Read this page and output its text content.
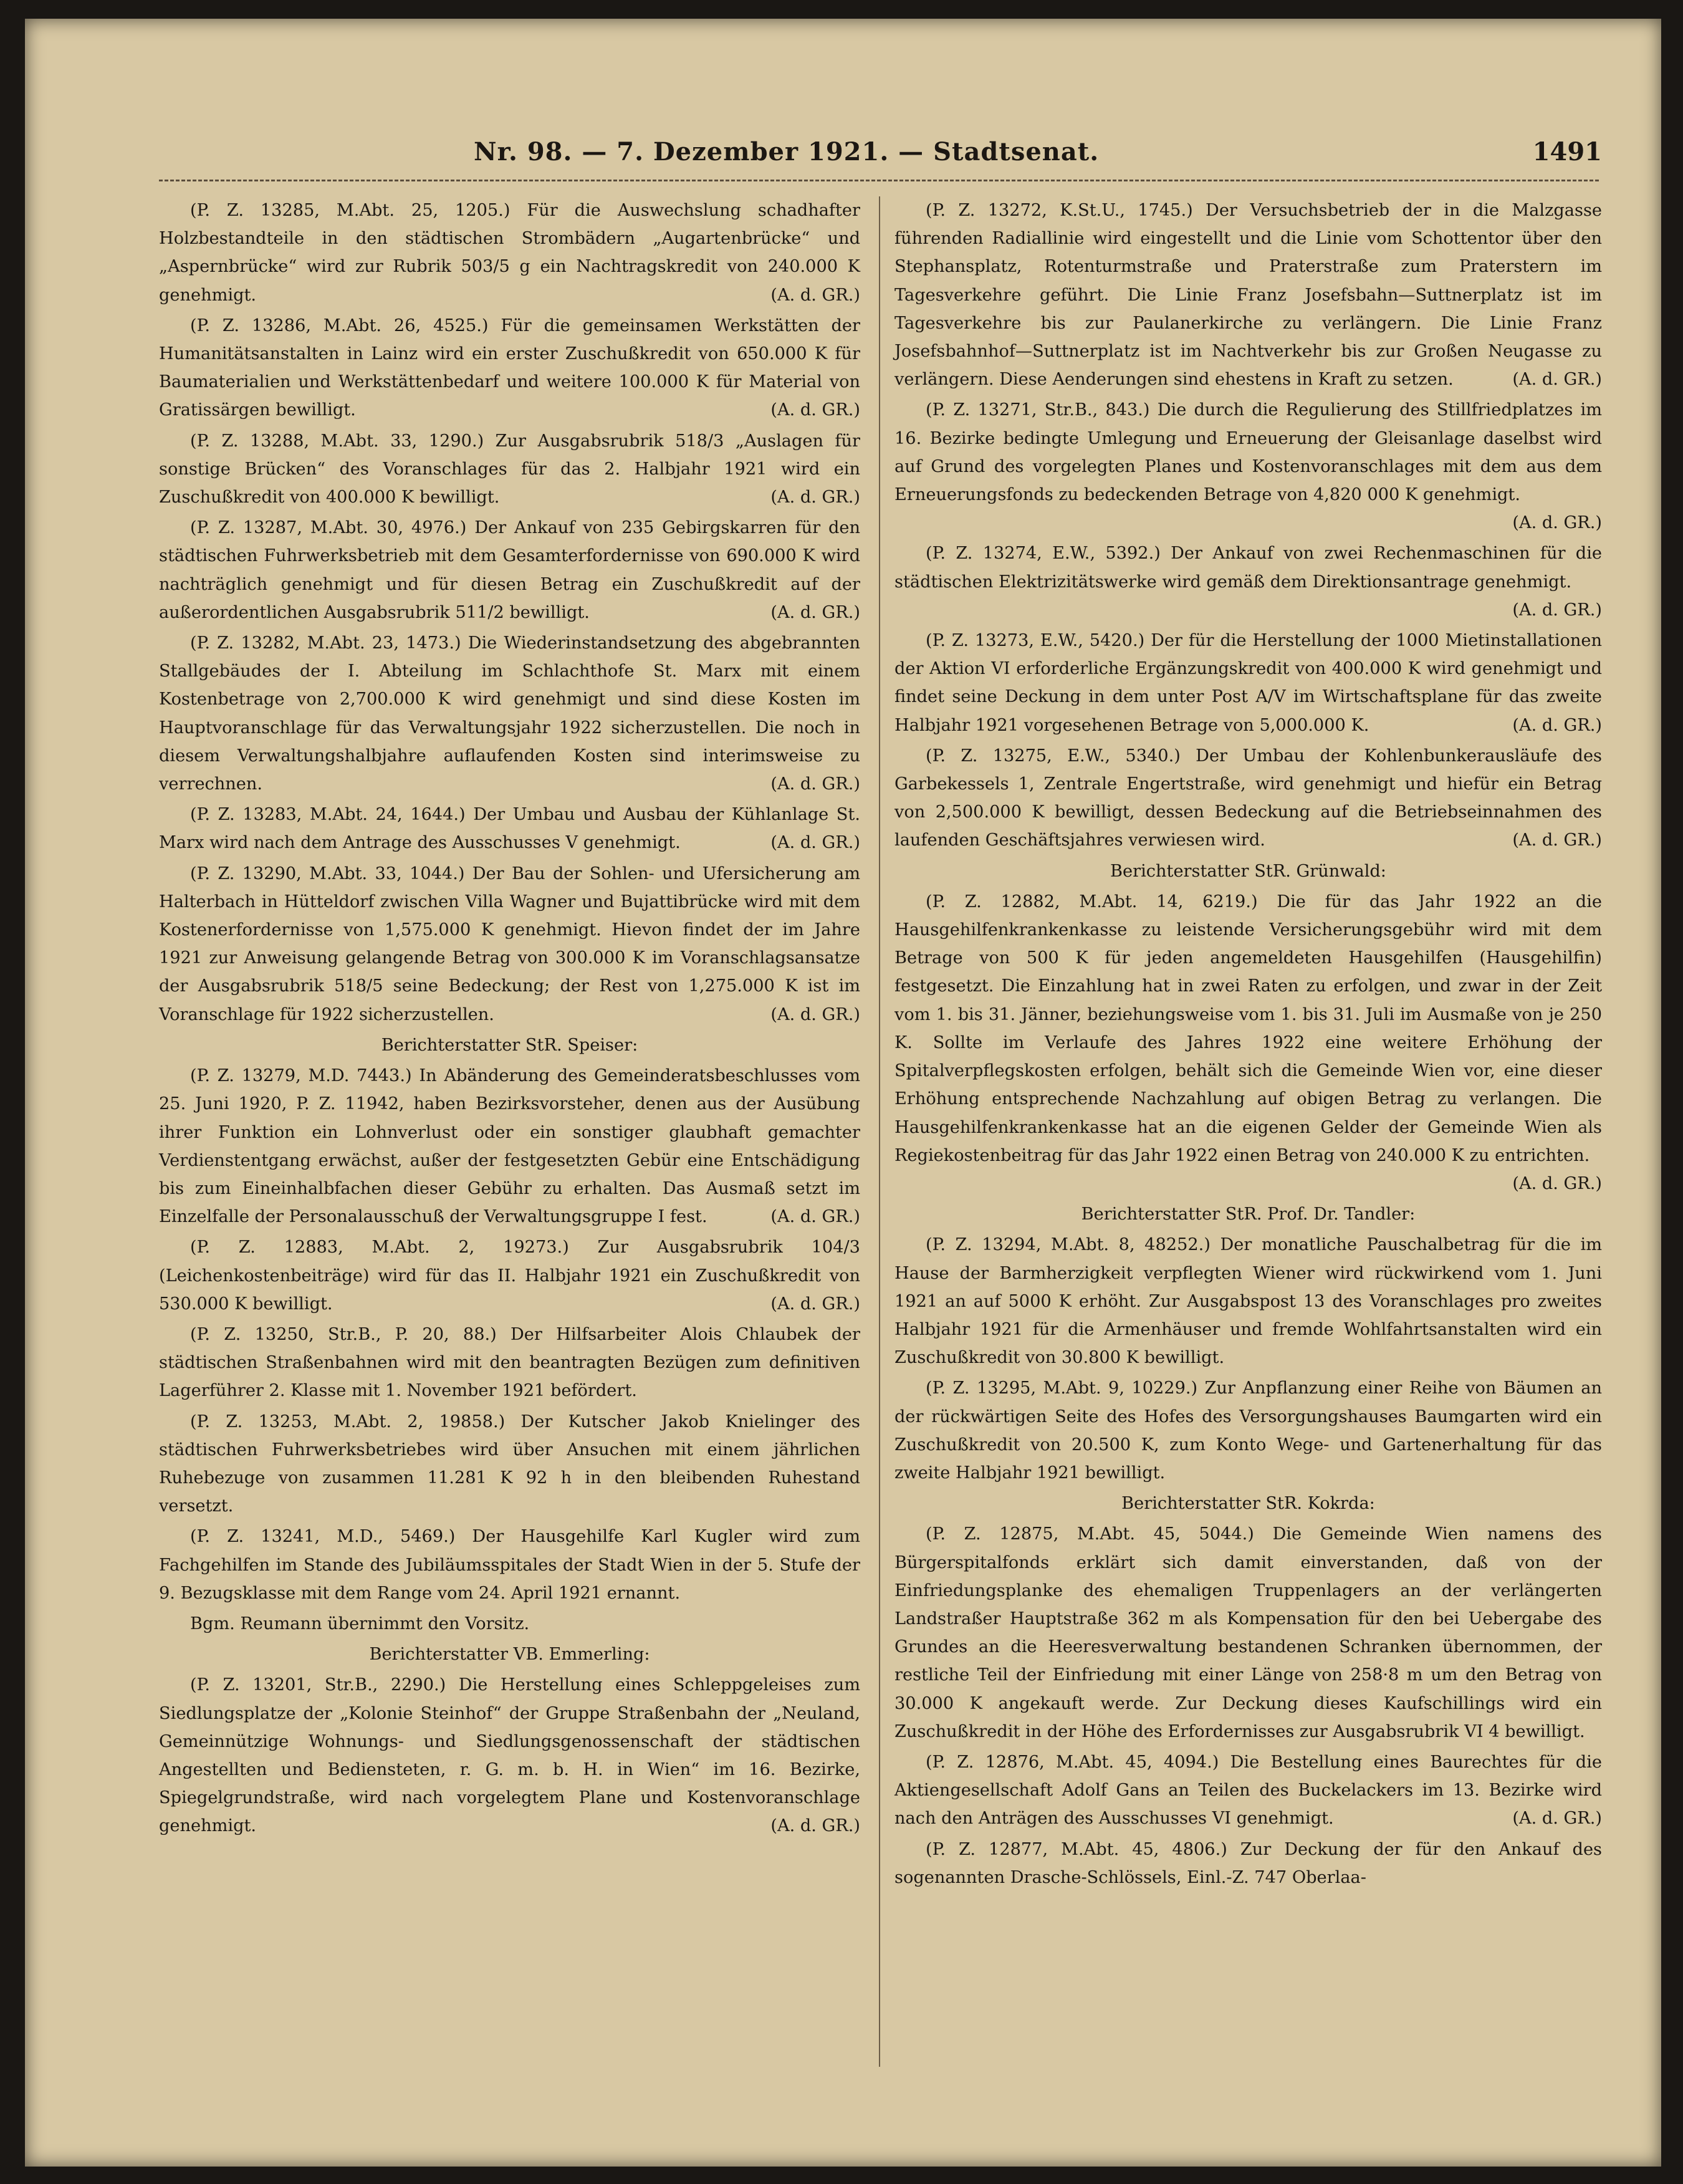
Nr. 98. — 7. Dezember 1921. — Stadtsenat.	1491
(P. Z. 13285, M.Abt. 25, 1205.) Für die Auswechslung schadhafter Holzbestandteile in den städtischen Strombädern „Augartenbrücke“ und „Aspernbrücke“ wird zur Rubrik 503/5 g ein Nachtragskredit von 240.000 K genehmigt.	(A. d. GR.)
(P. Z. 13286, M.Abt. 26, 4525.) Für die gemeinsamen Werkstätten der Humanitätsanstalten in Lainz wird ein erster Zuschußkredit von 650.000 K für Baumaterialien und Werkstättenbedarf und weitere 100.000 K für Material von Gratissärgen bewilligt.	(A. d. GR.)
(P. Z. 13288, M.Abt. 33, 1290.) Zur Ausgabsrubrik 518/3 „Auslagen für sonstige Brücken“ des Voranschlages für das 2. Halbjahr 1921 wird ein Zuschußkredit von 400.000 K bewilligt.	(A. d. GR.)
(P. Z. 13287, M.Abt. 30, 4976.) Der Ankauf von 235 Gebirgskarren für den städtischen Fuhrwerksbetrieb mit dem Gesamterfordernisse von 690.000 K wird nachträglich genehmigt und für diesen Betrag ein Zuschußkredit auf der außerordentlichen Ausgabsrubrik 511/2 bewilligt.	(A. d. GR.)
(P. Z. 13282, M.Abt. 23, 1473.) Die Wiederinstandsetzung des abgebrannten Stallgebäudes der I. Abteilung im Schlachthofe St. Marx mit einem Kostenbetrage von 2,700.000 K wird genehmigt und sind diese Kosten im Hauptvoranschlage für das Verwaltungsjahr 1922 sicherzustellen. Die noch in diesem Verwaltungshalbjahre auflaufenden Kosten sind interimsweise zu verrechnen.	(A. d. GR.)
(P. Z. 13283, M.Abt. 24, 1644.) Der Umbau und Ausbau der Kühlanlage St. Marx wird nach dem Antrage des Ausschusses V genehmigt.	(A. d. GR.)
(P. Z. 13290, M.Abt. 33, 1044.) Der Bau der Sohlen- und Ufersicherung am Halterbach in Hütteldorf zwischen Villa Wagner und Bujattibrücke wird mit dem Kostenerfordernisse von 1,575.000 K genehmigt. Hievon findet der im Jahre 1921 zur Anweisung gelangende Betrag von 300.000 K im Voranschlagsansatze der Ausgabsrubrik 518/5 seine Bedeckung; der Rest von 1,275.000 K ist im Voranschlage für 1922 sicherzustellen.	(A. d. GR.)
Berichterstatter StR. Speiser:
(P. Z. 13279, M.D. 7443.) In Abänderung des Gemeinderatsbeschlusses vom 25. Juni 1920, P. Z. 11942, haben Bezirksvorsteher, denen aus der Ausübung ihrer Funktion ein Lohnverlust oder ein sonstiger glaubhaft gemachter Verdienstentgang erwächst, außer der festgesetzten Gebür eine Entschädigung bis zum Eineinhalbfachen dieser Gebühr zu erhalten. Das Ausmaß setzt im Einzelfalle der Personalausschuß der Verwaltungsgruppe I fest.	(A. d. GR.)
(P. Z. 12883, M.Abt. 2, 19273.) Zur Ausgabsrubrik 104/3 (Leichenkostenbeiträge) wird für das II. Halbjahr 1921 ein Zuschußkredit von 530.000 K bewilligt.	(A. d. GR.)
(P. Z. 13250, Str.B., P. 20, 88.) Der Hilfsarbeiter Alois Chlaubek der städtischen Straßenbahnen wird mit den beantragten Bezügen zum definitiven Lagerführer 2. Klasse mit 1. November 1921 befördert.
(P. Z. 13253, M.Abt. 2, 19858.) Der Kutscher Jakob Knielinger des städtischen Fuhrwerksbetriebes wird über Ansuchen mit einem jährlichen Ruhebezuge von zusammen 11.281 K 92 h in den bleibenden Ruhestand versetzt.
(P. Z. 13241, M.D., 5469.) Der Hausgehilfe Karl Kugler wird zum Fachgehilfen im Stande des Jubiläumsspitales der Stadt Wien in der 5. Stufe der 9. Bezugsklasse mit dem Range vom 24. April 1921 ernannt.
Bgm. Reumann übernimmt den Vorsitz.
Berichterstatter VB. Emmerling:
(P. Z. 13201, Str.B., 2290.) Die Herstellung eines Schleppgeleises zum Siedlungsplatze der „Kolonie Steinhof“ der Gruppe Straßenbahn der „Neuland, Gemeinnützige Wohnungs- und Siedlungsgenossenschaft der städtischen Angestellten und Bediensteten, r. G. m. b. H. in Wien“ im 16. Bezirke, Spiegelgrundstraße, wird nach vorgelegtem Plane und Kostenvoranschlage genehmigt.	(A. d. GR.)
(P. Z. 13272, K.St.U., 1745.) Der Versuchsbetrieb der in die Malzgasse führenden Radiallinie wird eingestellt und die Linie vom Schottentor über den Stephansplatz, Rotenturmstraße und Praterstraße zum Praterstern im Tagesverkehre geführt. Die Linie Franz Josefsbahn—Suttnerplatz ist im Tagesverkehre bis zur Paulanerkirche zu verlängern. Die Linie Franz Josefsbahnhof—Suttnerplatz ist im Nachtverkehr bis zur Großen Neugasse zu verlängern. Diese Aenderungen sind ehestens in Kraft zu setzen.	(A. d. GR.)
(P. Z. 13271, Str.B., 843.) Die durch die Regulierung des Stillfriedplatzes im 16. Bezirke bedingte Umlegung und Erneuerung der Gleisanlage daselbst wird auf Grund des vorgelegten Planes und Kostenvoranschlages mit dem aus dem Erneuerungsfonds zu bedeckenden Betrage von 4,820 000 K genehmigt.
(A. d. GR.)
(P. Z. 13274, E.W., 5392.) Der Ankauf von zwei Rechenmaschinen für die städtischen Elektrizitätswerke wird gemäß dem Direktionsantrage genehmigt.
(A. d. GR.)
(P. Z. 13273, E.W., 5420.) Der für die Herstellung der 1000 Mietinstallationen der Aktion VI erforderliche Ergänzungskredit von 400.000 K wird genehmigt und findet seine Deckung in dem unter Post A/V im Wirtschaftsplane für das zweite Halbjahr 1921 vorgesehenen Betrage von 5,000.000 K.	(A. d. GR.)
(P. Z. 13275, E.W., 5340.) Der Umbau der Kohlenbunkerausläufe des Garbekessels 1, Zentrale Engertstraße, wird genehmigt und hiefür ein Betrag von 2,500.000 K bewilligt, dessen Bedeckung auf die Betriebseinnahmen des laufenden Geschäftsjahres verwiesen wird.	(A. d. GR.)
Berichterstatter StR. Grünwald:
(P. Z. 12882, M.Abt. 14, 6219.) Die für das Jahr 1922 an die Hausgehilfenkrankenkasse zu leistende Versicherungsgebühr wird mit dem Betrage von 500 K für jeden angemeldeten Hausgehilfen (Hausgehilfin) festgesetzt. Die Einzahlung hat in zwei Raten zu erfolgen, und zwar in der Zeit vom 1. bis 31. Jänner, beziehungsweise vom 1. bis 31. Juli im Ausmaße von je 250 K. Sollte im Verlaufe des Jahres 1922 eine weitere Erhöhung der Spitalverpflegskosten erfolgen, behält sich die Gemeinde Wien vor, eine dieser Erhöhung entsprechende Nachzahlung auf obigen Betrag zu verlangen. Die Hausgehilfenkrankenkasse hat an die eigenen Gelder der Gemeinde Wien als Regiekostenbeitrag für das Jahr 1922 einen Betrag von 240.000 K zu entrichten.
(A. d. GR.)
Berichterstatter StR. Prof. Dr. Tandler:
(P. Z. 13294, M.Abt. 8, 48252.) Der monatliche Pauschalbetrag für die im Hause der Barmherzigkeit verpflegten Wiener wird rückwirkend vom 1. Juni 1921 an auf 5000 K erhöht. Zur Ausgabspost 13 des Voranschlages pro zweites Halbjahr 1921 für die Armenhäuser und fremde Wohlfahrtsanstalten wird ein Zuschußkredit von 30.800 K bewilligt.
(P. Z. 13295, M.Abt. 9, 10229.) Zur Anpflanzung einer Reihe von Bäumen an der rückwärtigen Seite des Hofes des Versorgungshauses Baumgarten wird ein Zuschußkredit von 20.500 K, zum Konto Wege- und Gartenerhaltung für das zweite Halbjahr 1921 bewilligt.
Berichterstatter StR. Kokrda:
(P. Z. 12875, M.Abt. 45, 5044.) Die Gemeinde Wien namens des Bürgerspitalfonds erklärt sich damit einverstanden, daß von der Einfriedungsplanke des ehemaligen Truppenlagers an der verlängerten Landstraßer Hauptstraße 362 m als Kompensation für den bei Uebergabe des Grundes an die Heeresverwaltung bestandenen Schranken übernommen, der restliche Teil der Einfriedung mit einer Länge von 258·8 m um den Betrag von 30.000 K angekauft werde. Zur Deckung dieses Kaufschillings wird ein Zuschußkredit in der Höhe des Erfordernisses zur Ausgabsrubrik VI 4 bewilligt.
(P. Z. 12876, M.Abt. 45, 4094.) Die Bestellung eines Baurechtes für die Aktiengesellschaft Adolf Gans an Teilen des Buckelackers im 13. Bezirke wird nach den Anträgen des Ausschusses VI genehmigt.	(A. d. GR.)
(P. Z. 12877, M.Abt. 45, 4806.) Zur Deckung der für den Ankauf des sogenannten Drasche-Schlössels, Einl.-Z. 747 Oberlaa-
